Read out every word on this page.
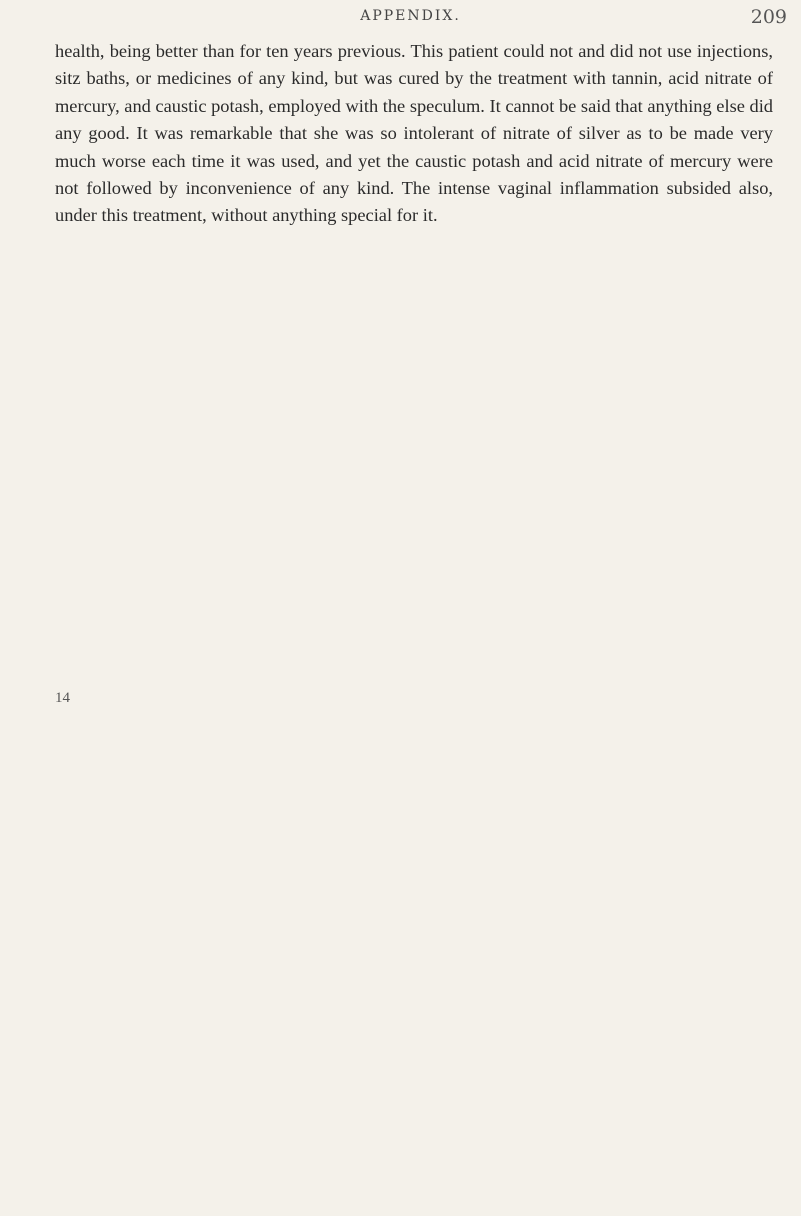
APPENDIX.	209

health, being better than for ten years previous. This patient could not and did not use injections, sitz baths, or medicines of any kind, but was cured by the treatment with tannin, acid nitrate of mercury, and caustic potash, employed with the speculum. It cannot be said that anything else did any good. It was remarkable that she was so intolerant of nitrate of silver as to be made very much worse each time it was used, and yet the caustic potash and acid nitrate of mercury were not followed by inconvenience of any kind. The intense vaginal inflammation subsided also, under this treatment, without anything special for it.

14
